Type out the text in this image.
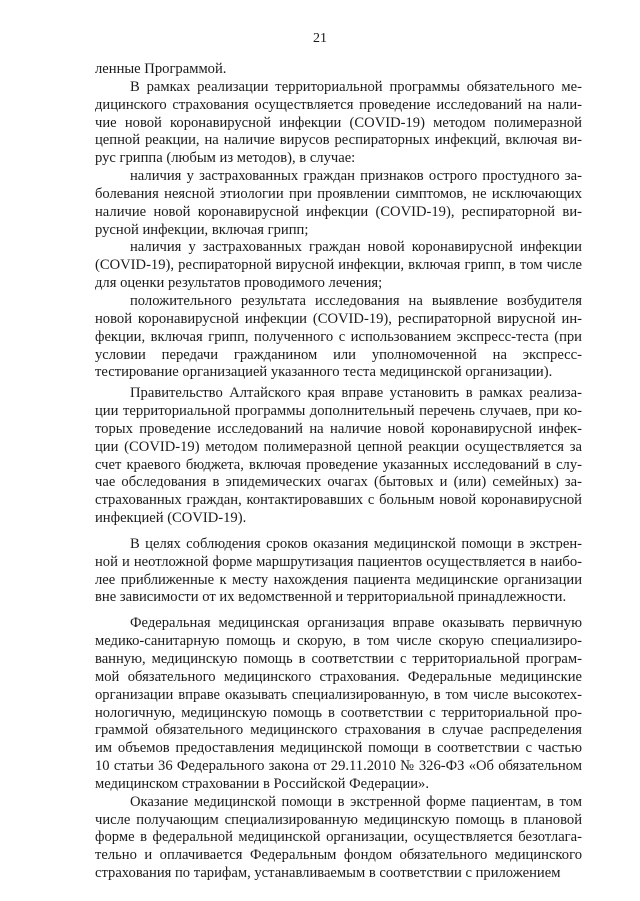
21
ленные Программой.
В рамках реализации территориальной программы обязательного ме-
дицинского страхования осуществляется проведение исследований на нали-
чие новой коронавирусной инфекции (COVID-19) методом полимеразной
цепной реакции, на наличие вирусов респираторных инфекций, включая ви-
рус гриппа (любым из методов), в случае:
наличия у застрахованных граждан признаков острого простудного за-
болевания неясной этиологии при проявлении симптомов, не исключающих
наличие новой коронавирусной инфекции (COVID-19), респираторной ви-
русной инфекции, включая грипп;
наличия у застрахованных граждан новой коронавирусной инфекции
(COVID-19), респираторной вирусной инфекции, включая грипп, в том числе
для оценки результатов проводимого лечения;
положительного результата исследования на выявление возбудителя
новой коронавирусной инфекции (COVID-19), респираторной вирусной ин-
фекции, включая грипп, полученного с использованием экспресс-теста (при
условии передачи гражданином или уполномоченной на экспресс-
тестирование организацией указанного теста медицинской организации).
Правительство Алтайского края вправе установить в рамках реализа-
ции территориальной программы дополнительный перечень случаев, при ко-
торых проведение исследований на наличие новой коронавирусной инфек-
ции (COVID-19) методом полимеразной цепной реакции осуществляется за
счет краевого бюджета, включая проведение указанных исследований в слу-
чае обследования в эпидемических очагах (бытовых и (или) семейных) за-
страхованных граждан, контактировавших с больным новой коронавирусной
инфекцией (COVID-19).
В целях соблюдения сроков оказания медицинской помощи в экстрен-
ной и неотложной форме маршрутизация пациентов осуществляется в наибо-
лее приближенные к месту нахождения пациента медицинские организации
вне зависимости от их ведомственной и территориальной принадлежности.
Федеральная медицинская организация вправе оказывать первичную
медико-санитарную помощь и скорую, в том числе скорую специализиро-
ванную, медицинскую помощь в соответствии с территориальной програм-
мой обязательного медицинского страхования. Федеральные медицинские
организации вправе оказывать специализированную, в том числе высокотех-
нологичную, медицинскую помощь в соответствии с территориальной про-
граммой обязательного медицинского страхования в случае распределения
им объемов предоставления медицинской помощи в соответствии с частью
10 статьи 36 Федерального закона от 29.11.2010 № 326-ФЗ «Об обязательном
медицинском страховании в Российской Федерации».
Оказание медицинской помощи в экстренной форме пациентам, в том
числе получающим специализированную медицинскую помощь в плановой
форме в федеральной медицинской организации, осуществляется безотлага-
тельно и оплачивается Федеральным фондом обязательного медицинского
страхования по тарифам, устанавливаемым в соответствии с приложением
